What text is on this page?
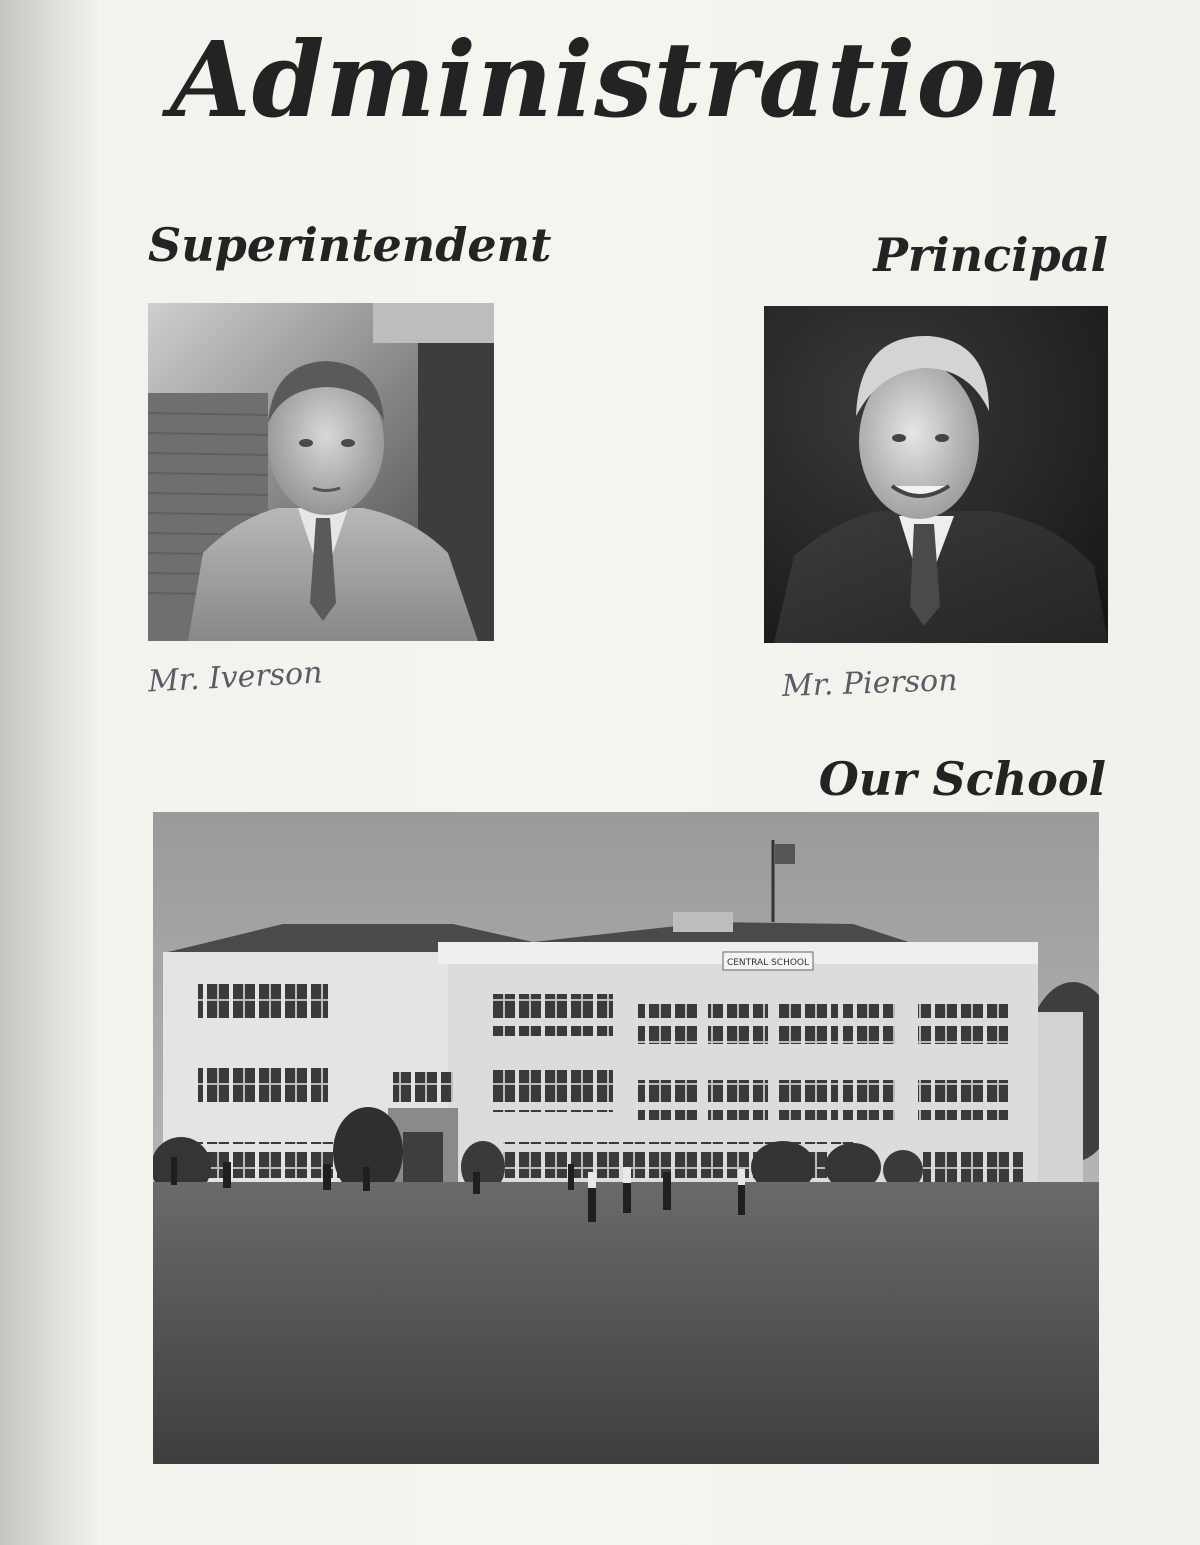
Administration
Superintendent	Principal
Mr. Iverson	Mr. Pierson
Our School
CENTRAL SCHOOL
